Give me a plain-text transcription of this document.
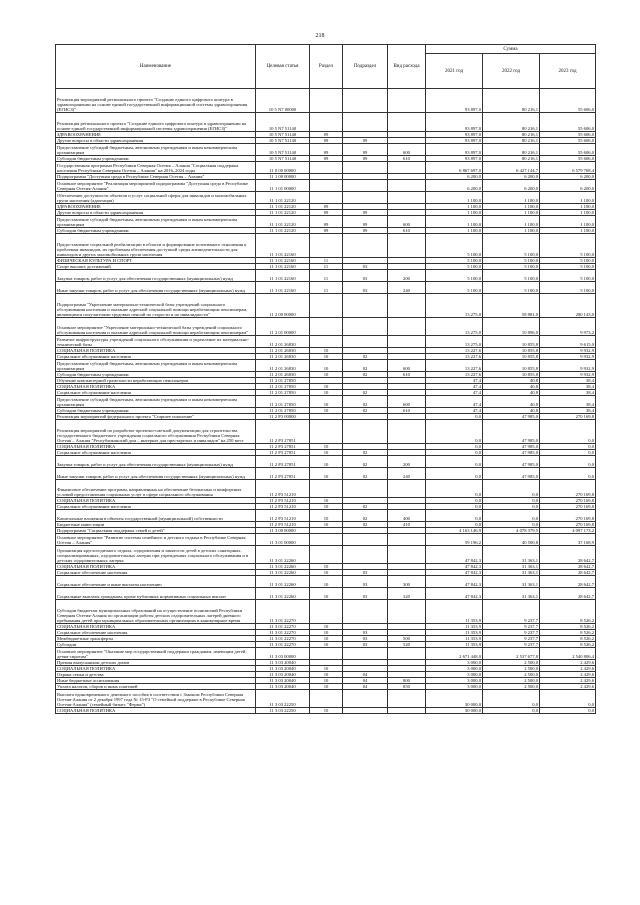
218
Наименование	Целевая статья	Раздел	Подраздел	Вид расхода	Сумма		
					2021 год	2022 год	2023 год
Реализация мероприятий регионального проекта "Создание единого цифрового контура в здравоохранении на основе единой государственной информационной системы здравоохранения (ЕГИСЗ)"	10 5 N7 00000				93 897,0	80 216,1	55 606,0
Реализация регионального проекта "Создание единого цифрового контура в здравоохранении на основе единой государственной информационной системы здравоохранения (ЕГИСЗ)"	10 5 N7 51140				93 897,0	80 216,1	55 606,0
ЗДРАВООХРАНЕНИЕ	10 5 N7 51140	09			93 897,0	80 216,1	55 606,0
Другие вопросы в области здравоохранения	10 5 N7 51140	09	09		93 897,0	80 216,1	55 606,0
Предоставление субсидий бюджетным, автономным учреждениям и иным некоммерческим организациям	10 5 N7 51140	09	09	600	93 897,0	80 216,1	55 606,0
Субсидии бюджетным учреждениям	10 5 N7 51140	09	09	610	93 897,0	80 216,1	55 606,0
Государственная программа Республики Северная Осетия – Алания "Социальная поддержка населения Республики Северная Осетия – Алания" на 2016–2024 годы	11 0 00 00000				6 867 697,0	6 427 144,7	6 579 768,4
Подпрограмма "Доступная среда в Республике Северная Осетия – Алания"	11 1 00 00000				6 200,0	6 200,0	6 200,0
Основное мероприятие "Реализация мероприятий подпрограммы "Доступная среда в Республике Северная Осетия-Алания"	11 1 01 00000				6 200,0	6 200,0	6 200,0
Обеспечение доступности объектов и услуг социальной сферы для инвалидов и маломобильных групп населения (адаптация)	11 1 01 22120				1 100,0	1 100,0	1 100,0
ЗДРАВООХРАНЕНИЕ	11 1 01 22120	09			1 100,0	1 100,0	1 100,0
Другие вопросы в области здравоохранения	11 1 01 22120	09	09		1 100,0	1 100,0	1 100,0
Предоставление субсидий бюджетным, автономным учреждениям и иным некоммерческим организациям	11 1 01 22120	09	09	600	1 100,0	1 100,0	1 100,0
Субсидии бюджетным учреждениям	11 1 01 22120	09	09	610	1 100,0	1 100,0	1 100,0
Предоставление социальной реабилитации в области и формирование позитивного отношения к проблемам инвалидов, их проблемам обеспечения доступной среды жизнедеятельности для инвалидов и других маломобильных групп населения	11 1 01 22160				5 100,0	5 100,0	5 100,0
ФИЗИЧЕСКАЯ КУЛЬТУРА И СПОРТ	11 1 01 22160	11			5 100,0	5 100,0	5 100,0
Спорт высших достижений	11 1 01 22160	11	03		5 100,0	5 100,0	5 100,0
Закупка товаров, работ и услуг для обеспечения государственных (муниципальных) нужд	11 1 01 22160	11	03	200	5 100,0	5 100,0	5 100,0
Иные закупки товаров, работ и услуг для обеспечения государственных (муниципальных) нужд	11 1 01 22160	11	03	240	5 100,0	5 100,0	5 100,0
Подпрограмма "Укрепление материально-технической базы учреждений социального обслуживания населения и оказание адресной социальной помощи неработающим пенсионерам, являющимся получателями трудовых пенсий по старости и по инвалидности"	11 2 00 00000				13 275,0	58 881,0	280 143,0
Основное мероприятие "Укрепление материально-технической базы учреждений социального обслуживания населения и оказание адресной социальной помощи неработающим пенсионерам"	11 2 01 00000				13 275,0	10 896,0	9 973,2
Развитие инфраструктуры учреждений социального обслуживания и укрепление их материально-технической базы	11 2 01 26830				13 275,0	10 855,8	9 615,0
СОЦИАЛЬНАЯ ПОЛИТИКА	11 2 01 26830	10			13 227,6	10 855,8	9 932,9
Социальное обслуживание населения	11 2 01 26830	10	02		13 227,6	10 855,8	9 932,9
Предоставление субсидий бюджетным, автономным учреждениям и иным некоммерческим организациям	11 2 01 26830	10	02	600	13 227,6	10 855,8	9 932,9
Субсидии бюджетным учреждениям	11 2 01 26830	10	02	610	13 227,6	10 855,8	9 932,9
Обучение компьютерной грамотности неработающих пенсионеров	11 2 01 27850				47,4	40,8	38,4
СОЦИАЛЬНАЯ ПОЛИТИКА	11 2 01 27850	10			47,4	40,8	38,4
Социальное обслуживание населения	11 2 01 27850	10	02		47,4	40,8	38,4
Предоставление субсидий бюджетным, автономным учреждениям и иным некоммерческим организациям	11 2 01 27850	10	02	600	47,4	40,8	38,4
Субсидии бюджетным учреждениям	11 2 01 27850	10	02	610	47,4	40,8	38,4
Реализация мероприятий федерального проекта "Старшее поколение"	11 2 P3 00000				0,0	47 985,0	270 169,8
Реализация мероприятий по разработке проектно-сметной документации для строительства государственного бюджетного учреждения социального обслуживания Республики Северная Осетия – Алания "Республиканский дом – интернат для престарелых и инвалидов" на 250 мест	11 2 P3 27851				0,0	47 985,0	0,0
СОЦИАЛЬНАЯ ПОЛИТИКА	11 2 P3 27851	10			0,0	47 985,0	0,0
Социальное обслуживание населения	11 2 P3 27851	10	02		0,0	47 985,0	0,0
Закупка товаров, работ и услуг для обеспечения государственных (муниципальных) нужд	11 2 P3 27851	10	02	200	0,0	47 985,0	0,0
Иные закупки товаров, работ и услуг для обеспечения государственных (муниципальных) нужд	11 2 P3 27851	10	02	240	0,0	47 985,0	0,0
Финансовое обеспечение программ, направленных на обеспечение безопасных и комфортных условий предоставления социальных услуг в сфере социального обслуживания	11 2 P3 51210				0,0	0,0	270 169,8
СОЦИАЛЬНАЯ ПОЛИТИКА	11 2 P3 51210	10			0,0	0,0	270 169,8
Социальное обслуживание населения	11 2 P3 51210	10	02		0,0	0,0	270 169,8
Капитальные вложения в объекты государственной (муниципальной) собственности	11 2 P3 51210	10	02	400	0,0	0,0	270 169,8
Бюджетные инвестиции	11 2 P3 51210	10	02	410	0,0	0,0	270 169,8
Подпрограмма "Социальная поддержка семей и детей"	11 3 00 00000				4 163 146,9	4 078 379,5	4 097 173,2
Основное мероприятие "Развитие системы семейного и детского отдыха в Республике Северная Осетия – Алания"	11 3 01 00000				59 196,2	40 500,8	37 168,9
Организация круглогодичного отдыха, оздоровления и занятости детей в детских санаторных, специализированных, оздоровительных лагерях при учреждениях социального обслуживания и в детских оздоровительных лагерях	11 3 01 22260				47 842,3	31 363,1	28 642,7
СОЦИАЛЬНАЯ ПОЛИТИКА	11 3 01 22260	10			47 842,3	31 363,1	28 642,7
Социальное обеспечение населения	11 3 01 22260	10	03		47 842,3	31 363,1	28 642,7
Социальное обеспечение и иные выплаты населению	11 3 01 22260	10	03	300	47 842,3	31 363,1	28 642,7
Социальные выплаты гражданам, кроме публичных нормативных социальных выплат	11 3 01 22260	10	03	320	47 842,3	31 363,1	28 642,7
Субсидии бюджетам муниципальных образований на осуществление полномочий Республики Северная Осетия-Алания по организации работы детских оздоровительных лагерей дневного пребывания детей при муниципальных образовательных организациях в каникулярное время	11 3 01 22270				11 353,9	9 237,7	8 526,2
СОЦИАЛЬНАЯ ПОЛИТИКА	11 3 01 22270	10			11 353,9	9 237,7	8 526,2
Социальное обеспечение населения	11 3 01 22270	10	03		11 353,9	9 237,7	8 526,2
Межбюджетные трансферты	11 3 01 22270	10	03	500	11 353,9	9 237,7	8 526,2
Субсидии	11 3 01 22270	10	03	520	11 353,9	9 237,7	8 526,2
Основное мероприятие "Оказание мер государственной поддержки гражданам, имеющим детей, детям-сиротам"	11 3 03 00000				2 671 448,0	2 537 677,8	2 540 806,4
Премия выпускникам детских домов	11 3 03 20040				3 000,0	2 500,0	2 429,6
СОЦИАЛЬНАЯ ПОЛИТИКА	11 3 03 20040	10			3 000,0	2 500,0	2 429,6
Охрана семьи и детства	11 3 03 20040	10	04		3 000,0	2 500,0	2 429,6
Иные бюджетные ассигнования	11 3 03 20040	10	04	800	3 000,0	2 500,0	2 429,6
Уплата налогов, сборов и иных платежей	11 3 03 20040	10	04	850	3 000,0	2 500,0	2 429,6
Выплата единовременного денежного пособия в соответствии с Законом Республики Северная Осетия-Алания от 2 декабря 1997 года № 15-РЗ "О семейной поддержке в Республике Северная Осетия-Алания" (семейный бизнес "Ферма")	11 3 03 22250				30 000,0	0,0	0,0
СОЦИАЛЬНАЯ ПОЛИТИКА	11 3 03 22250	10			30 000,0	0,0	0,0
